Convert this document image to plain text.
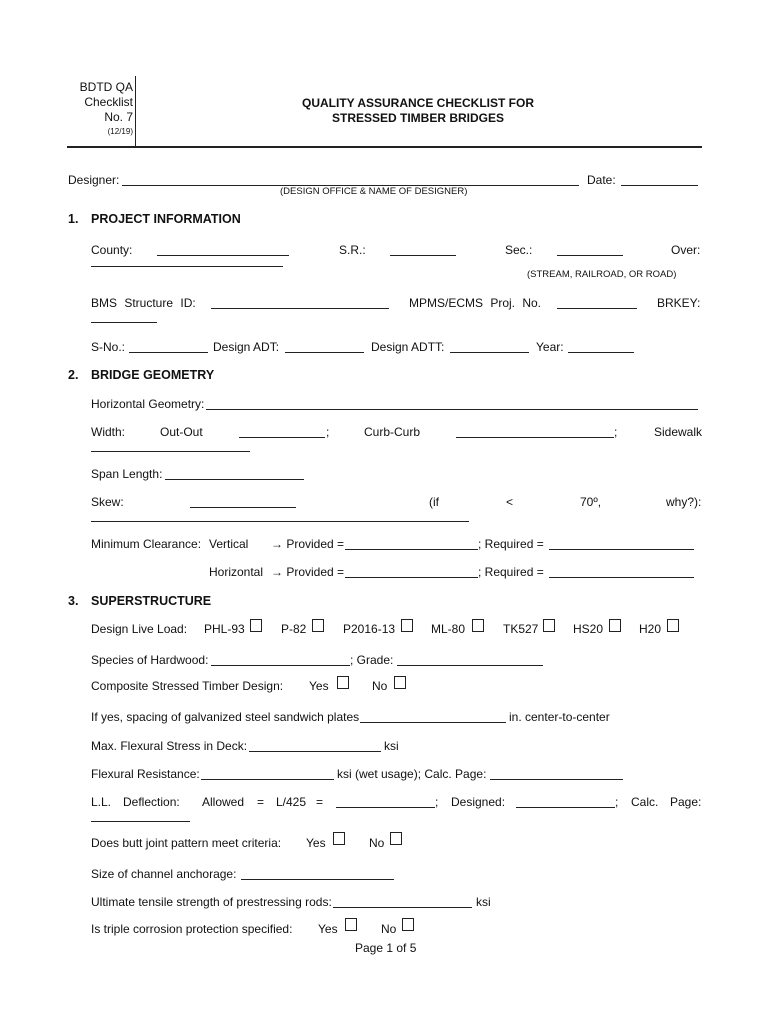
BDTD QA
Checklist
No. 7
(12/19)
QUALITY ASSURANCE CHECKLIST FOR
STRESSED TIMBER BRIDGES
Designer:
(DESIGN OFFICE & NAME OF DESIGNER)
Date:
1. PROJECT INFORMATION
County:	S.R.:	Sec.:	Over:
(STREAM, RAILROAD, OR ROAD)
BMS Structure ID:	MPMS/ECMS Proj. No.	BRKEY:
S-No.:	Design ADT:	Design ADTT:	Year:
2. BRIDGE GEOMETRY
Horizontal Geometry:
Width:	Out-Out	;	Curb-Curb	;	Sidewalk
Span Length:
Skew:	(if	<	70º,	why?):
Minimum Clearance: Vertical → Provided =	; Required =
Horizontal → Provided =	; Required =
3. SUPERSTRUCTURE
Design Live Load: PHL-93	P-82	P2016-13	ML-80	TK527	HS20	H20
Species of Hardwood:	; Grade:
Composite Stressed Timber Design: Yes	No
If yes, spacing of galvanized steel sandwich plates	in. center-to-center
Max. Flexural Stress in Deck:	ksi
Flexural Resistance:	ksi (wet usage); Calc. Page:
L.L. Deflection: Allowed = L/425 =	; Designed:	; Calc. Page:
Does butt joint pattern meet criteria: Yes	No
Size of channel anchorage:
Ultimate tensile strength of prestressing rods:	ksi
Is triple corrosion protection specified: Yes	No
Page 1 of 5
